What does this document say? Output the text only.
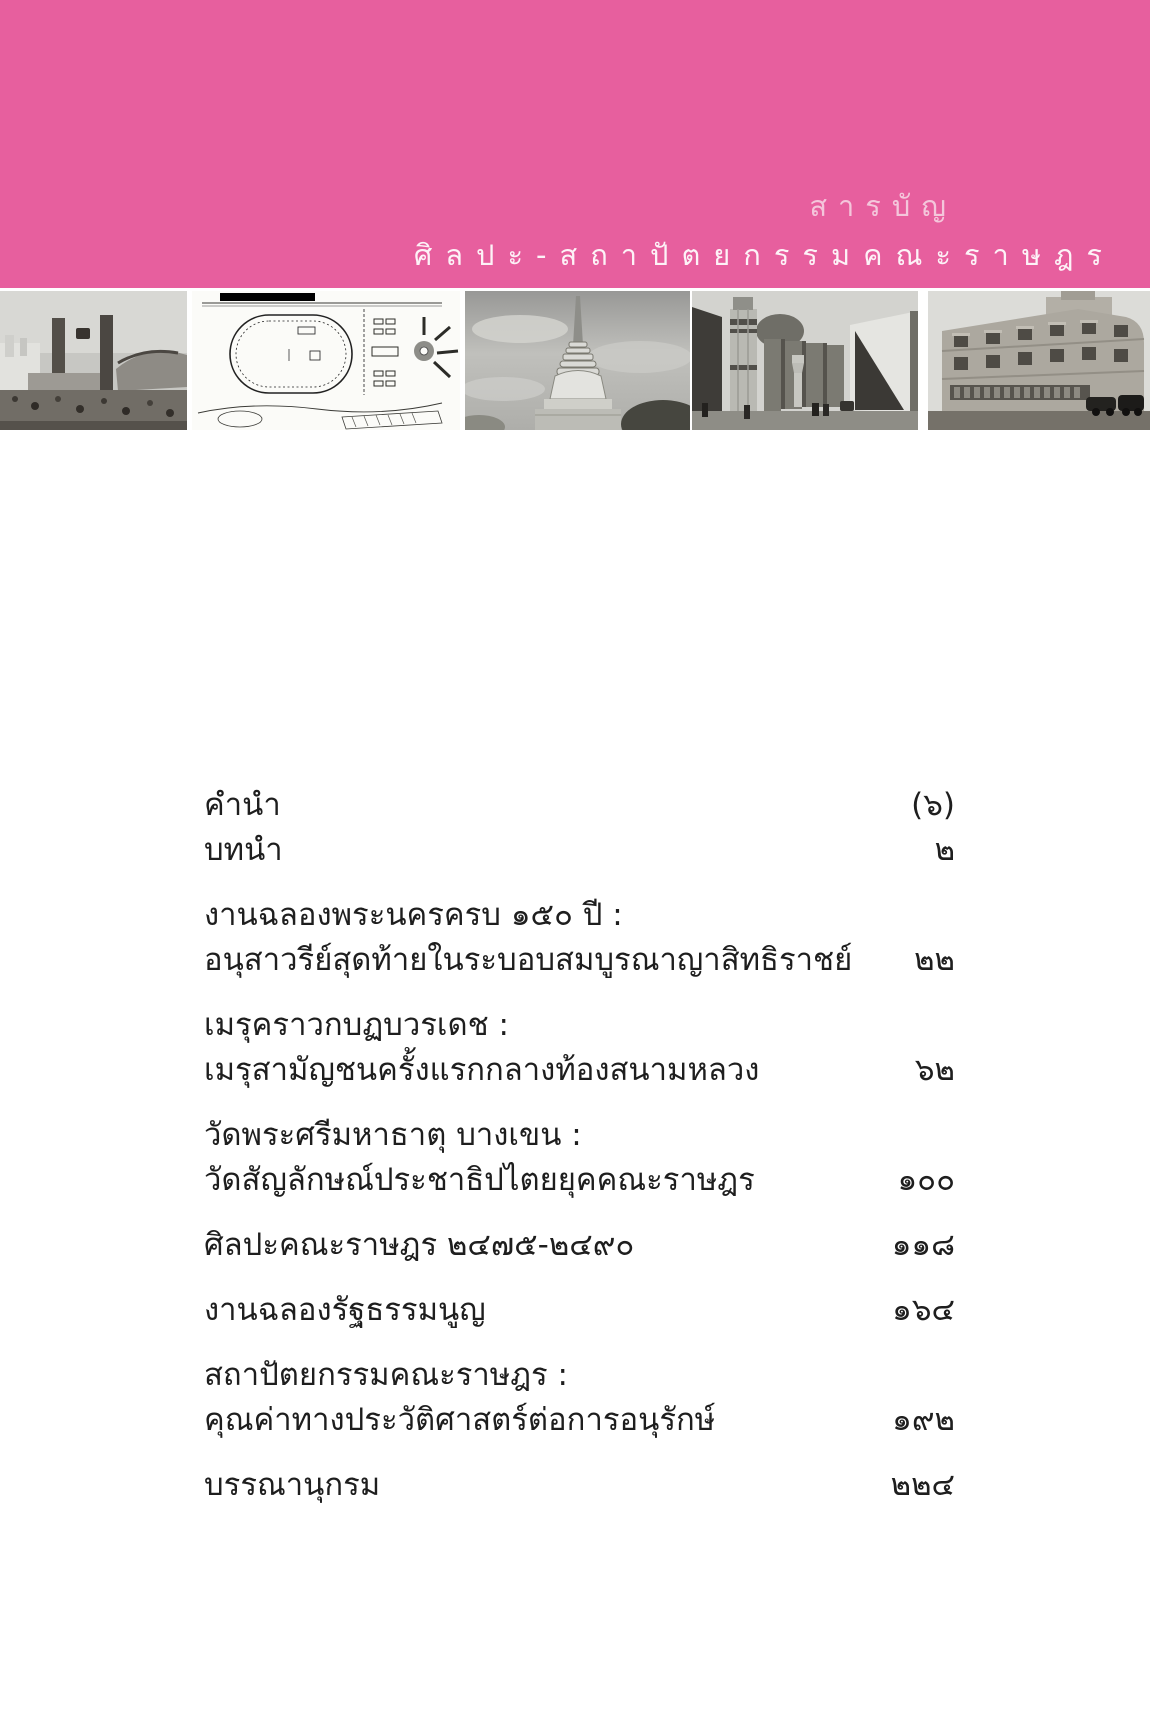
สารบัญ
ศิลปะ-สถาปัตยกรรมคณะราษฎร
คำนำ	(๖)
บทนำ	๒
งานฉลองพระนครครบ ๑๕๐ ปี :
อนุสาวรีย์สุดท้ายในระบอบสมบูรณาญาสิทธิราชย์	๒๒
เมรุคราวกบฏบวรเดช :
เมรุสามัญชนครั้งแรกกลางท้องสนามหลวง	๖๒
วัดพระศรีมหาธาตุ บางเขน :
วัดสัญลักษณ์ประชาธิปไตยยุคคณะราษฎร	๑๐๐
ศิลปะคณะราษฎร ๒๔๗๕-๒๔๙๐	๑๑๘
งานฉลองรัฐธรรมนูญ	๑๖๔
สถาปัตยกรรมคณะราษฎร :
คุณค่าทางประวัติศาสตร์ต่อการอนุรักษ์	๑๙๒
บรรณานุกรม	๒๒๔
